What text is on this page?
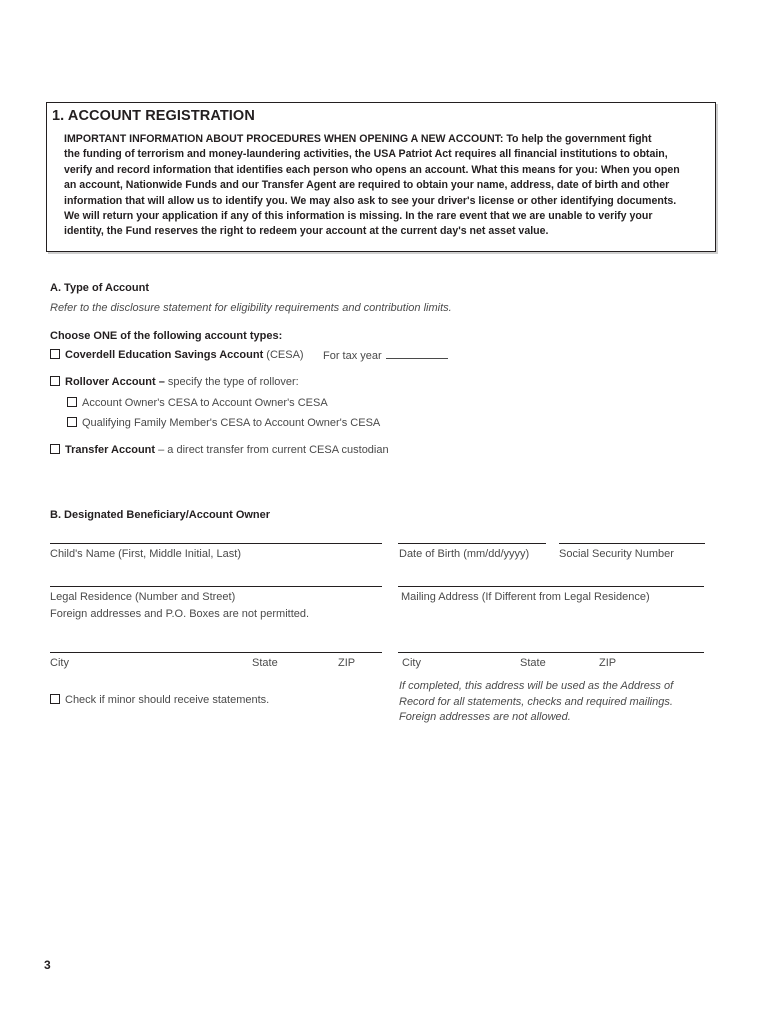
1. ACCOUNT REGISTRATION
IMPORTANT INFORMATION ABOUT PROCEDURES WHEN OPENING A NEW ACCOUNT: To help the government fight
the funding of terrorism and money-laundering activities, the USA Patriot Act requires all financial institutions to obtain,
verify and record information that identifies each person who opens an account. What this means for you: When you open
an account, Nationwide Funds and our Transfer Agent are required to obtain your name, address, date of birth and other
information that will allow us to identify you. We may also ask to see your driver's license or other identifying documents.
We will return your application if any of this information is missing. In the rare event that we are unable to verify your
identity, the Fund reserves the right to redeem your account at the current day's net asset value.
A. Type of Account
Refer to the disclosure statement for eligibility requirements and contribution limits.
Choose ONE of the following account types:
Coverdell Education Savings Account (CESA) For tax year
Rollover Account – specify the type of rollover:
Account Owner's CESA to Account Owner's CESA
Qualifying Family Member's CESA to Account Owner's CESA
Transfer Account – a direct transfer from current CESA custodian
B. Designated Beneficiary/Account Owner
Child's Name (First, Middle Initial, Last)	Date of Birth (mm/dd/yyyy)	Social Security Number
Legal Residence (Number and Street)
Foreign addresses and P.O. Boxes are not permitted.
Mailing Address (If Different from Legal Residence)
City	State	ZIP	City	State	ZIP
Check if minor should receive statements.
If completed, this address will be used as the Address of
Record for all statements, checks and required mailings.
Foreign addresses are not allowed.
3
